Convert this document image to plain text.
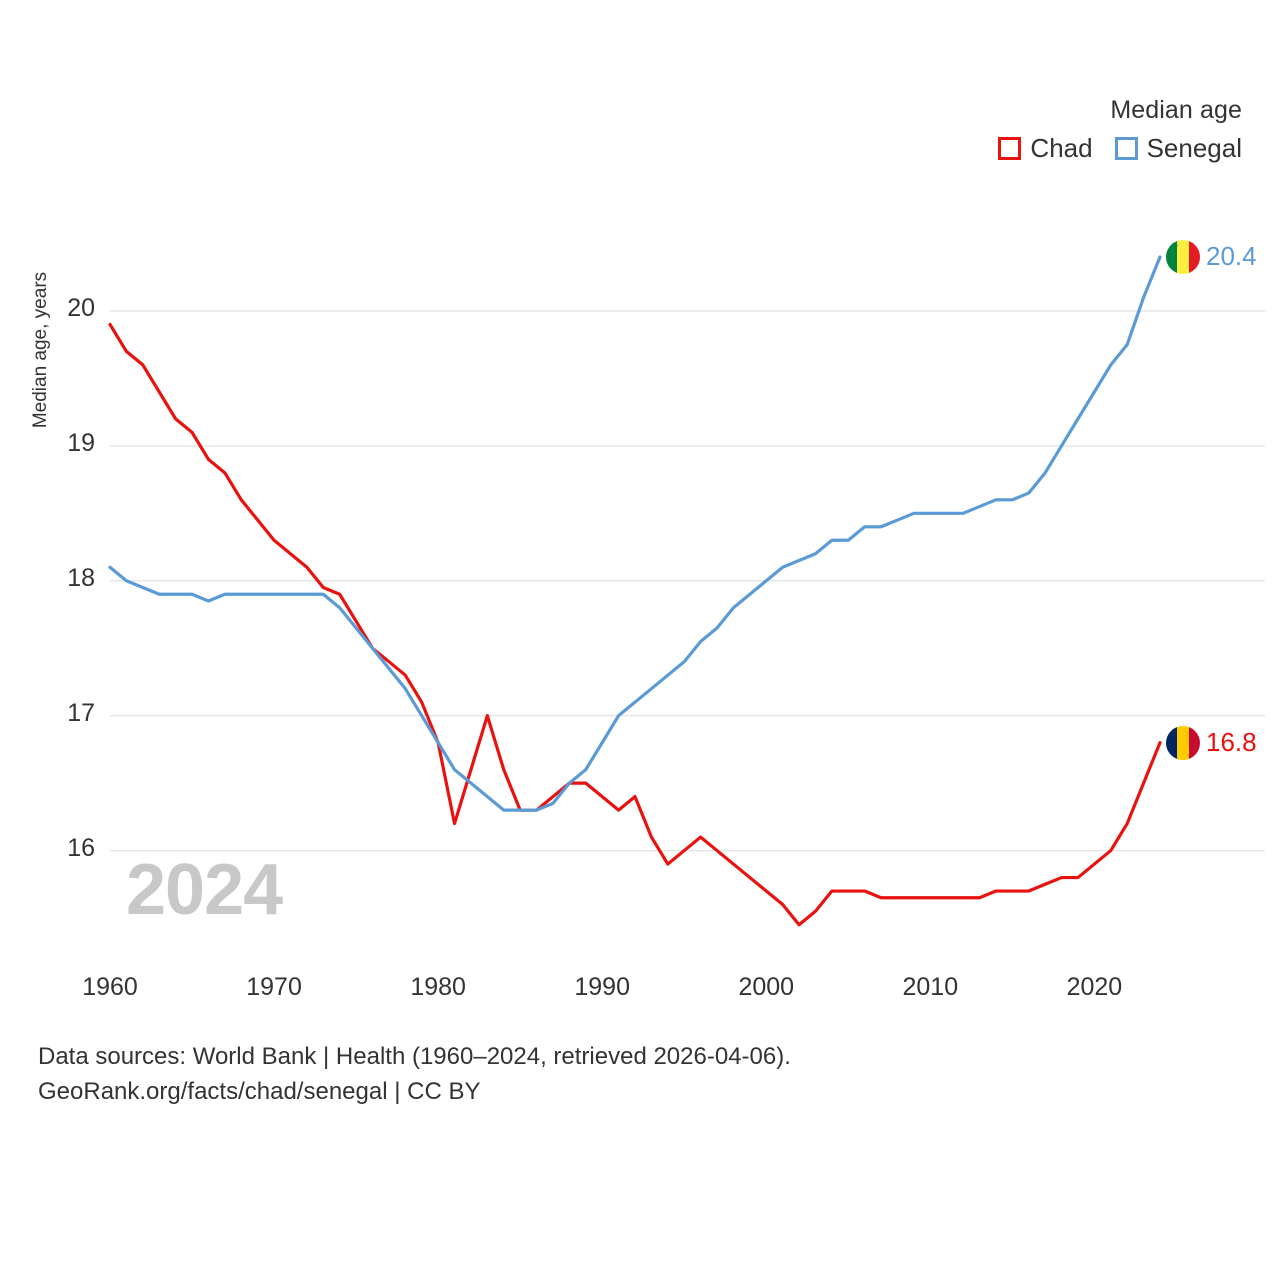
Median age
Chad Senegal
Median age, years
2024
16
17
18
19
20
1960	1970	1980	1990	2000	2010	2020
★	20.4
16.8
Data sources: World Bank | Health (1960–2024, retrieved 2026-04-06).
GeoRank.org/facts/chad/senegal | CC BY
